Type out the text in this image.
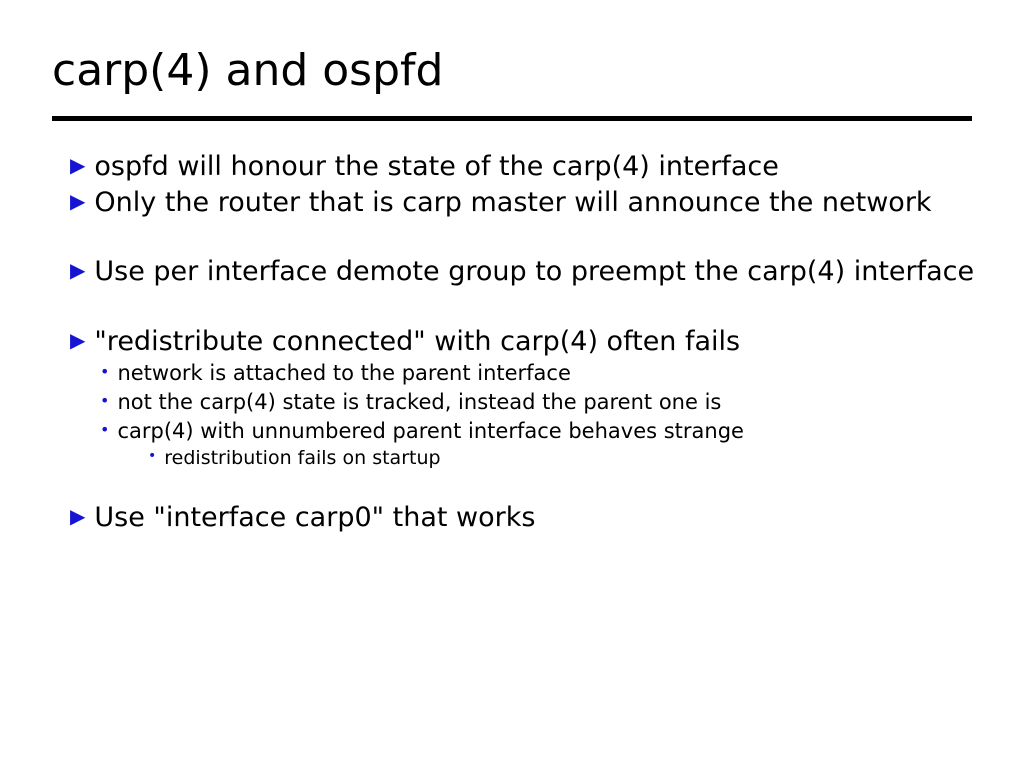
carp(4) and ospfd
▶ ospfd will honour the state of the carp(4) interface
▶ Only the router that is carp master will announce the network
▶ Use per interface demote group to preempt the carp(4) interface
▶ "redistribute connected" with carp(4) often fails
• network is attached to the parent interface
• not the carp(4) state is tracked, instead the parent one is
• carp(4) with unnumbered parent interface behaves strange
• redistribution fails on startup
▶ Use "interface carp0" that works
